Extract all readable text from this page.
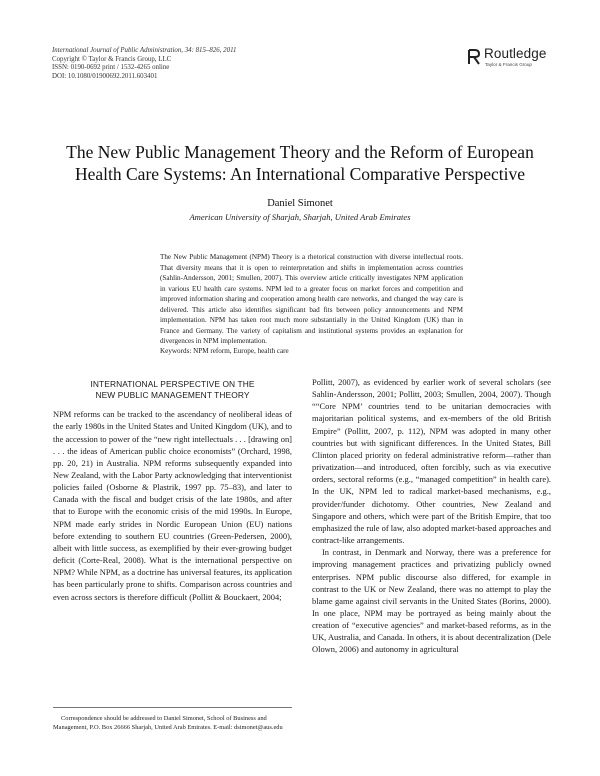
International Journal of Public Administration, 34: 815–826, 2011
Copyright © Taylor & Francis Group, LLC
ISSN: 0190-0692 print / 1532-4265 online
DOI: 10.1080/01900692.2011.603401
Routledge
Taylor & Francis Group
The New Public Management Theory and the Reform of European
Health Care Systems: An International Comparative Perspective
Daniel Simonet
American University of Sharjah, Sharjah, United Arab Emirates
The New Public Management (NPM) Theory is a rhetorical construction with diverse intellectual roots. That diversity means that it is open to reinterpretation and shifts in implementation across countries (Sahlin-Andersson, 2001; Smullen, 2007). This overview article critically investigates NPM application in various EU health care systems. NPM led to a greater focus on market forces and competition and improved information sharing and cooperation among health care networks, and changed the way care is delivered. This article also identifies significant bad fits between policy announcements and NPM implementation. NPM has taken root much more substantially in the United Kingdom (UK) than in France and Germany. The variety of capitalism and institutional systems provides an explanation for divergences in NPM implementation.
Keywords: NPM reform, Europe, health care
INTERNATIONAL PERSPECTIVE ON THE
NEW PUBLIC MANAGEMENT THEORY

NPM reforms can be tracked to the ascendancy of neoliberal ideas of the early 1980s in the United States and United Kingdom (UK), and to the accession to power of the “new right intellectuals . . . [drawing on] . . . the ideas of American public choice economists” (Orchard, 1998, pp. 20, 21) in Australia. NPM reforms subsequently expanded into New Zealand, with the Labor Party acknowledging that interventionist policies failed (Osborne & Plastrik, 1997 pp. 75–83), and later to Canada with the fiscal and budget crisis of the late 1980s, and after that to Europe with the economic crisis of the mid 1990s. In Europe, NPM made early strides in Nordic European Union (EU) nations before extending to southern EU countries (Green-Pedersen, 2000), albeit with little success, as exemplified by their ever-growing budget deficit (Corte-Real, 2008). What is the international perspective on NPM? While NPM, as a doctrine has universal features, its application has been particularly prone to shifts. Comparison across countries and even across sectors is therefore difficult (Pollitt & Bouckaert, 2004;

Pollitt, 2007), as evidenced by earlier work of several scholars (see Sahlin-Andersson, 2001; Pollitt, 2003; Smullen, 2004, 2007). Though ““Core NPM’ countries tend to be unitarian democracies with majoritarian political systems, and ex-members of the old British Empire” (Pollitt, 2007, p. 112), NPM was adopted in many other countries but with significant differences. In the United States, Bill Clinton placed priority on federal administrative reform—rather than privatization—and introduced, often forcibly, such as via executive orders, sectoral reforms (e.g., “managed competition” in health care). In the UK, NPM led to radical market-based mechanisms, e.g., provider/funder dichotomy. Other countries, New Zealand and Singapore and others, which were part of the British Empire, that too emphasized the rule of law, also adopted market-based approaches and contract-like arrangements.

In contrast, in Denmark and Norway, there was a preference for improving management practices and privatizing publicly owned enterprises. NPM public discourse also differed, for example in contrast to the UK or New Zealand, there was no attempt to play the blame game against civil servants in the United States (Borins, 2000). In one place, NPM may be portrayed as being mainly about the creation of “executive agencies” and market-based reforms, as in the UK, Australia, and Canada. In others, it is about decentralization (Dele Olown, 2006) and autonomy in agricultural

Correspondence should be addressed to Daniel Simonet, School of Business and Management, P.O. Box 26666 Sharjah, United Arab Emirates. E-mail: dsimonet@aus.edu
